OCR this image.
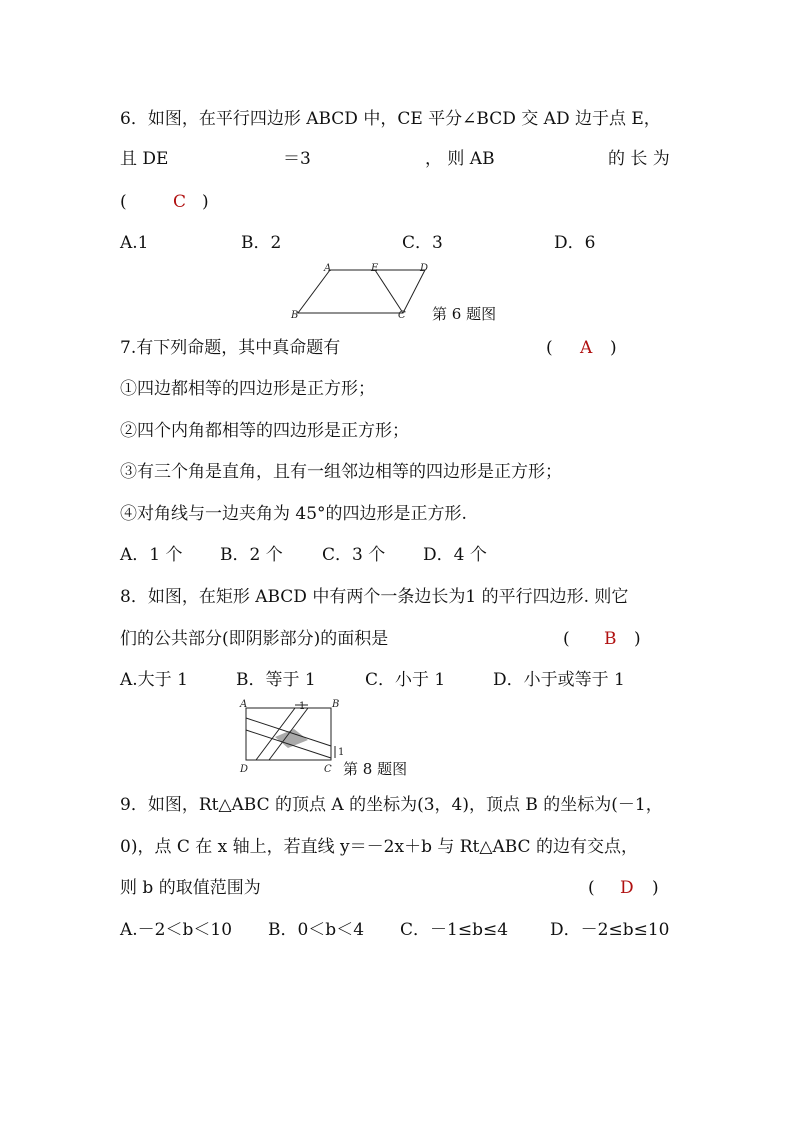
6．如图，在平行四边形 ABCD 中，CE 平分∠BCD 交 AD 边于点 E，
且 DE	＝3	， 则 AB	的 长 为
(	C )
A.1	B．2	C．3	D．6
A	E	D
B	C 第 6 题图
7.有下列命题，其中真命题有	( A )
①四边都相等的四边形是正方形；
②四个内角都相等的四边形是正方形；
③有三个角是直角，且有一组邻边相等的四边形是正方形；
④对角线与一边夹角为 45°的四边形是正方形.
A．1 个 B．2 个 C．3 个 D．4 个
8．如图，在矩形 ABCD 中有两个一条边长为1 的平行四边形. 则它
们的公共部分(即阴影部分)的面积是	( B )
A.大于 1	B．等于 1	C．小于 1	D．小于或等于 1
A	B
D	C
1
1
第 8 题图
9．如图，Rt△ABC 的顶点 A 的坐标为(3，4)，顶点 B 的坐标为(－1，
0)，点 C 在 x 轴上，若直线 y＝－2x＋b 与 Rt△ABC 的边有交点，
则 b 的取值范围为	( D )
A.－2＜b＜10 B．0＜b＜4 C．－1≤b≤4 D．－2≤b≤10
